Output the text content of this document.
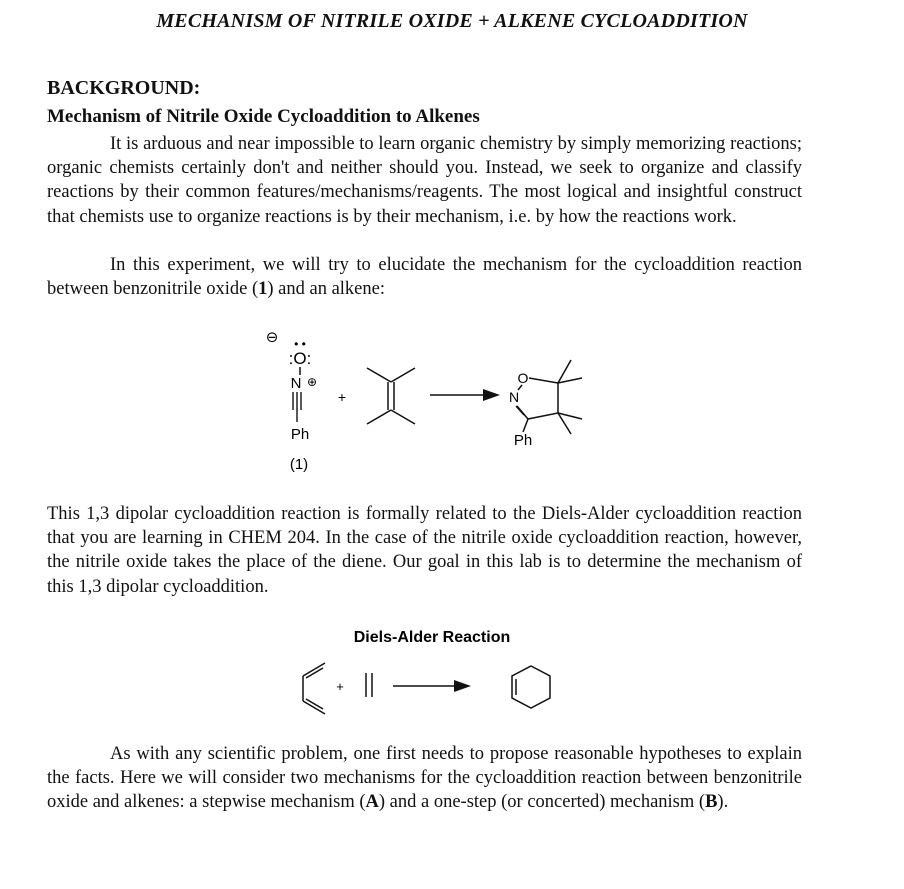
MECHANISM OF NITRILE OXIDE + ALKENE CYCLOADDITION
BACKGROUND:
Mechanism of Nitrile Oxide Cycloaddition to Alkenes

It is arduous and near impossible to learn organic chemistry by simply memorizing reactions; organic chemists certainly don't and neither should you. Instead, we seek to organize and classify reactions by their common features/mechanisms/reagents. The most logical and insightful construct that chemists use to organize reactions is by their mechanism, i.e. by how the reactions work.

In this experiment, we will try to elucidate the mechanism for the cycloaddition reaction between benzonitrile oxide (1) and an alkene:

⊖
:O:
• •
N ⊕
Ph
(1)
+
O
N
Ph

This 1,3 dipolar cycloaddition reaction is formally related to the Diels-Alder cycloaddition reaction that you are learning in CHEM 204. In the case of the nitrile oxide cycloaddition reaction, however, the nitrile oxide takes the place of the diene. Our goal in this lab is to determine the mechanism of this 1,3 dipolar cycloaddition.

Diels-Alder Reaction
+

As with any scientific problem, one first needs to propose reasonable hypotheses to explain the facts. Here we will consider two mechanisms for the cycloaddition reaction between benzonitrile oxide and alkenes: a stepwise mechanism (A) and a one-step (or concerted) mechanism (B).
